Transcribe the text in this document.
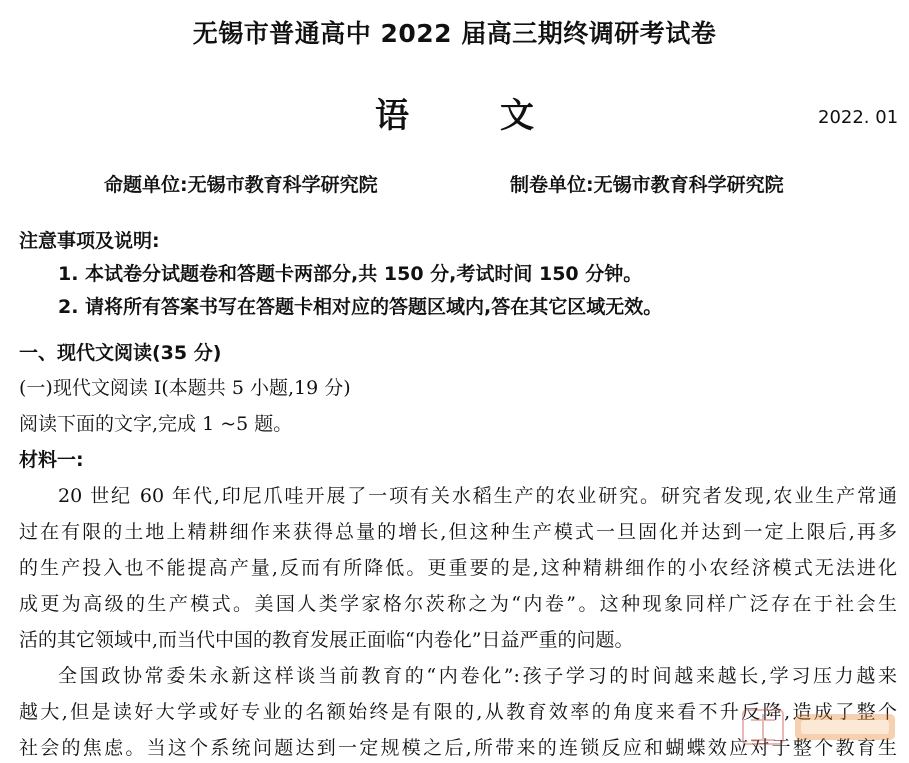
无锡市普通高中 2022 届高三期终调研考试卷
语	文	2022. 01
命题单位:无锡市教育科学研究院	制卷单位:无锡市教育科学研究院
注意事项及说明:
1. 本试卷分试题卷和答题卡两部分,共 150 分,考试时间 150 分钟。
2. 请将所有答案书写在答题卡相对应的答题区域内,答在其它区域无效。
一、现代文阅读(35 分)
(一)现代文阅读 I(本题共 5 小题,19 分)
阅读下面的文字,完成 1 ~5 题。
材料一:
20 世纪 60 年代,印尼爪哇开展了一项有关水稻生产的农业研究。研究者发现,农业生产常通
过在有限的土地上精耕细作来获得总量的增长,但这种生产模式一旦固化并达到一定上限后,再多
的生产投入也不能提高产量,反而有所降低。更重要的是,这种精耕细作的小农经济模式无法进化
成更为高级的生产模式。美国人类学家格尔茨称之为“内卷”。这种现象同样广泛存在于社会生
活的其它领域中,而当代中国的教育发展正面临“内卷化”日益严重的问题。
全国政协常委朱永新这样谈当前教育的“内卷化”:孩子学习的时间越来越长,学习压力越来
越大,但是读好大学或好专业的名额始终是有限的,从教育效率的角度来看不升反降,造成了整个
社会的焦虑。当这个系统问题达到一定规模之后,所带来的连锁反应和蝴蝶效应对于整个教育生
